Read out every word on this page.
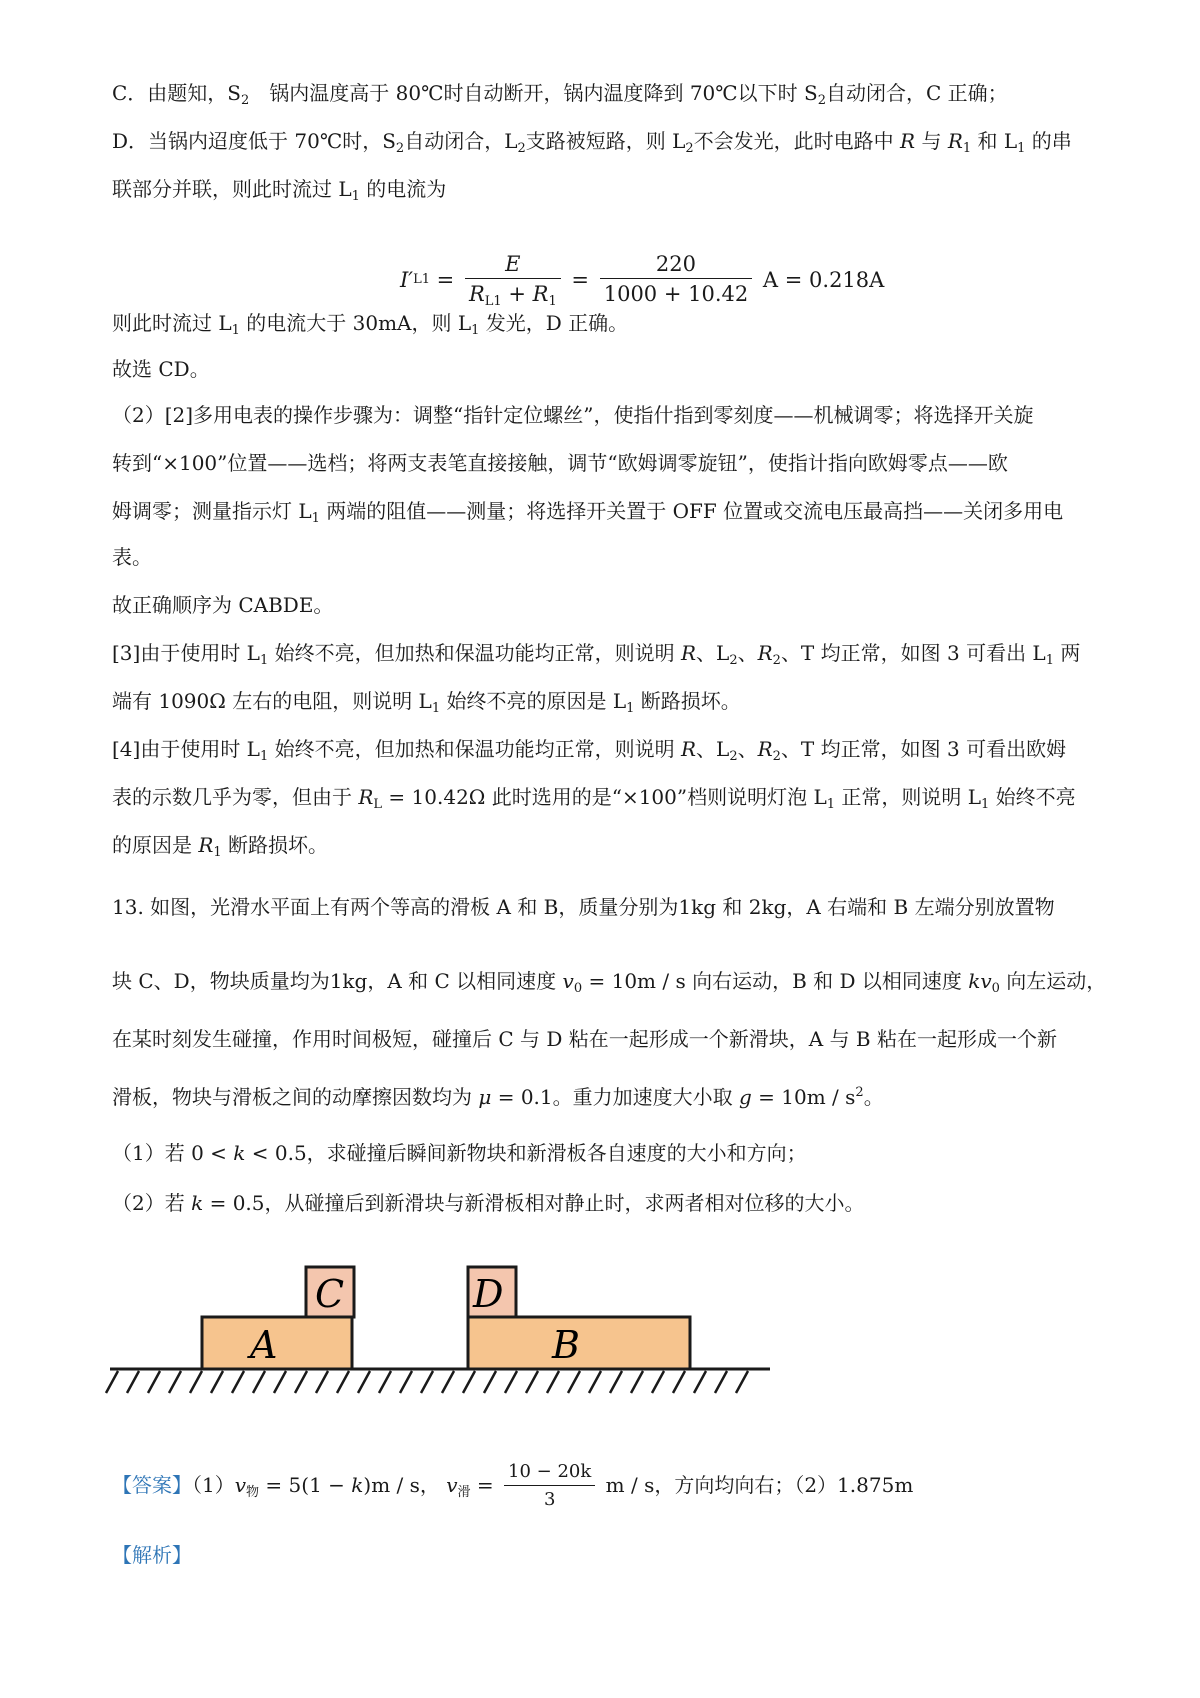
C．由题知，$S_2$　锅内温度高于 80℃时自动断开，锅内温度降到 70℃以下时 $S_2$自动闭合，C 正确；
D．当锅内迢度低于 70℃时，$S_2$自动闭合，$L_2$支路被短路，则 $L_2$不会发光，此时电路中 R 与 $R_1$ 和 $L_1$ 的串
联部分并联，则此时流过 $L_1$ 的电流为
$I'L1 = \frac{E}{R_{L1} + R_1} = \frac{220}{1000 + 10.42}$ A = 0.218A
则此时流过 $L_1$ 的电流大于 30mA，则 $L_1$ 发光，D 正确。
故选 CD。
（2）[2]多用电表的操作步骤为：调整“指针定位螺丝”，使指什指到零刻度——机械调零；将选择开关旋
转到“×100”位置——选档；将两支表笔直接接触，调节“欧姆调零旋钮”，使指计指向欧姆零点——欧
姆调零；测量指示灯 $L_1$ 两端的阻值——测量；将选择开关置于 OFF 位置或交流电压最高挡——关闭多用电
表。
故正确顺序为 CABDE。
[3]由于使用时 $L_1$ 始终不亮，但加热和保温功能均正常，则说明 R、$L_2$、$R_2$、T 均正常，如图 3 可看出 $L_1$ 两
端有 1090Ω 左右的电阻，则说明 $L_1$ 始终不亮的原因是 $L_1$ 断路损坏。
[4]由于使用时 $L_1$ 始终不亮，但加热和保温功能均正常，则说明 R、$L_2$、$R_2$、T 均正常，如图 3 可看出欧姆
表的示数几乎为零，但由于 $R_L = 10.42\Omega$ 此时选用的是“×100”档则说明灯泡 $L_1$ 正常，则说明 $L_1$ 始终不亮
的原因是 $R_1$ 断路损坏。
13. 如图，光滑水平面上有两个等高的滑板 A 和 B，质量分别为1kg 和 2kg，A 右端和 B 左端分别放置物
块 C、D，物块质量均为1kg，A 和 C 以相同速度 $v_0 = 10m / s$ 向右运动，B 和 D 以相同速度 $kv_0$ 向左运动，
在某时刻发生碰撞，作用时间极短，碰撞后 C 与 D 粘在一起形成一个新滑块，A 与 B 粘在一起形成一个新
滑板，物块与滑板之间的动摩擦因数均为 μ = 0.1。重力加速度大小取 $g = 10m / s^2$。
（1）若 0 < k < 0.5，求碰撞后瞬间新物块和新滑板各自速度的大小和方向；
（2）若 k = 0.5，从碰撞后到新滑块与新滑板相对静止时，求两者相对位移的大小。
A
C
B
D
【答案】$(1)v_物 = 5(1 - k)m / s$， $v_滑 = \frac{10 - 20k}{3}$ m / s，方向均向右；（2）1.875m
【解析】
